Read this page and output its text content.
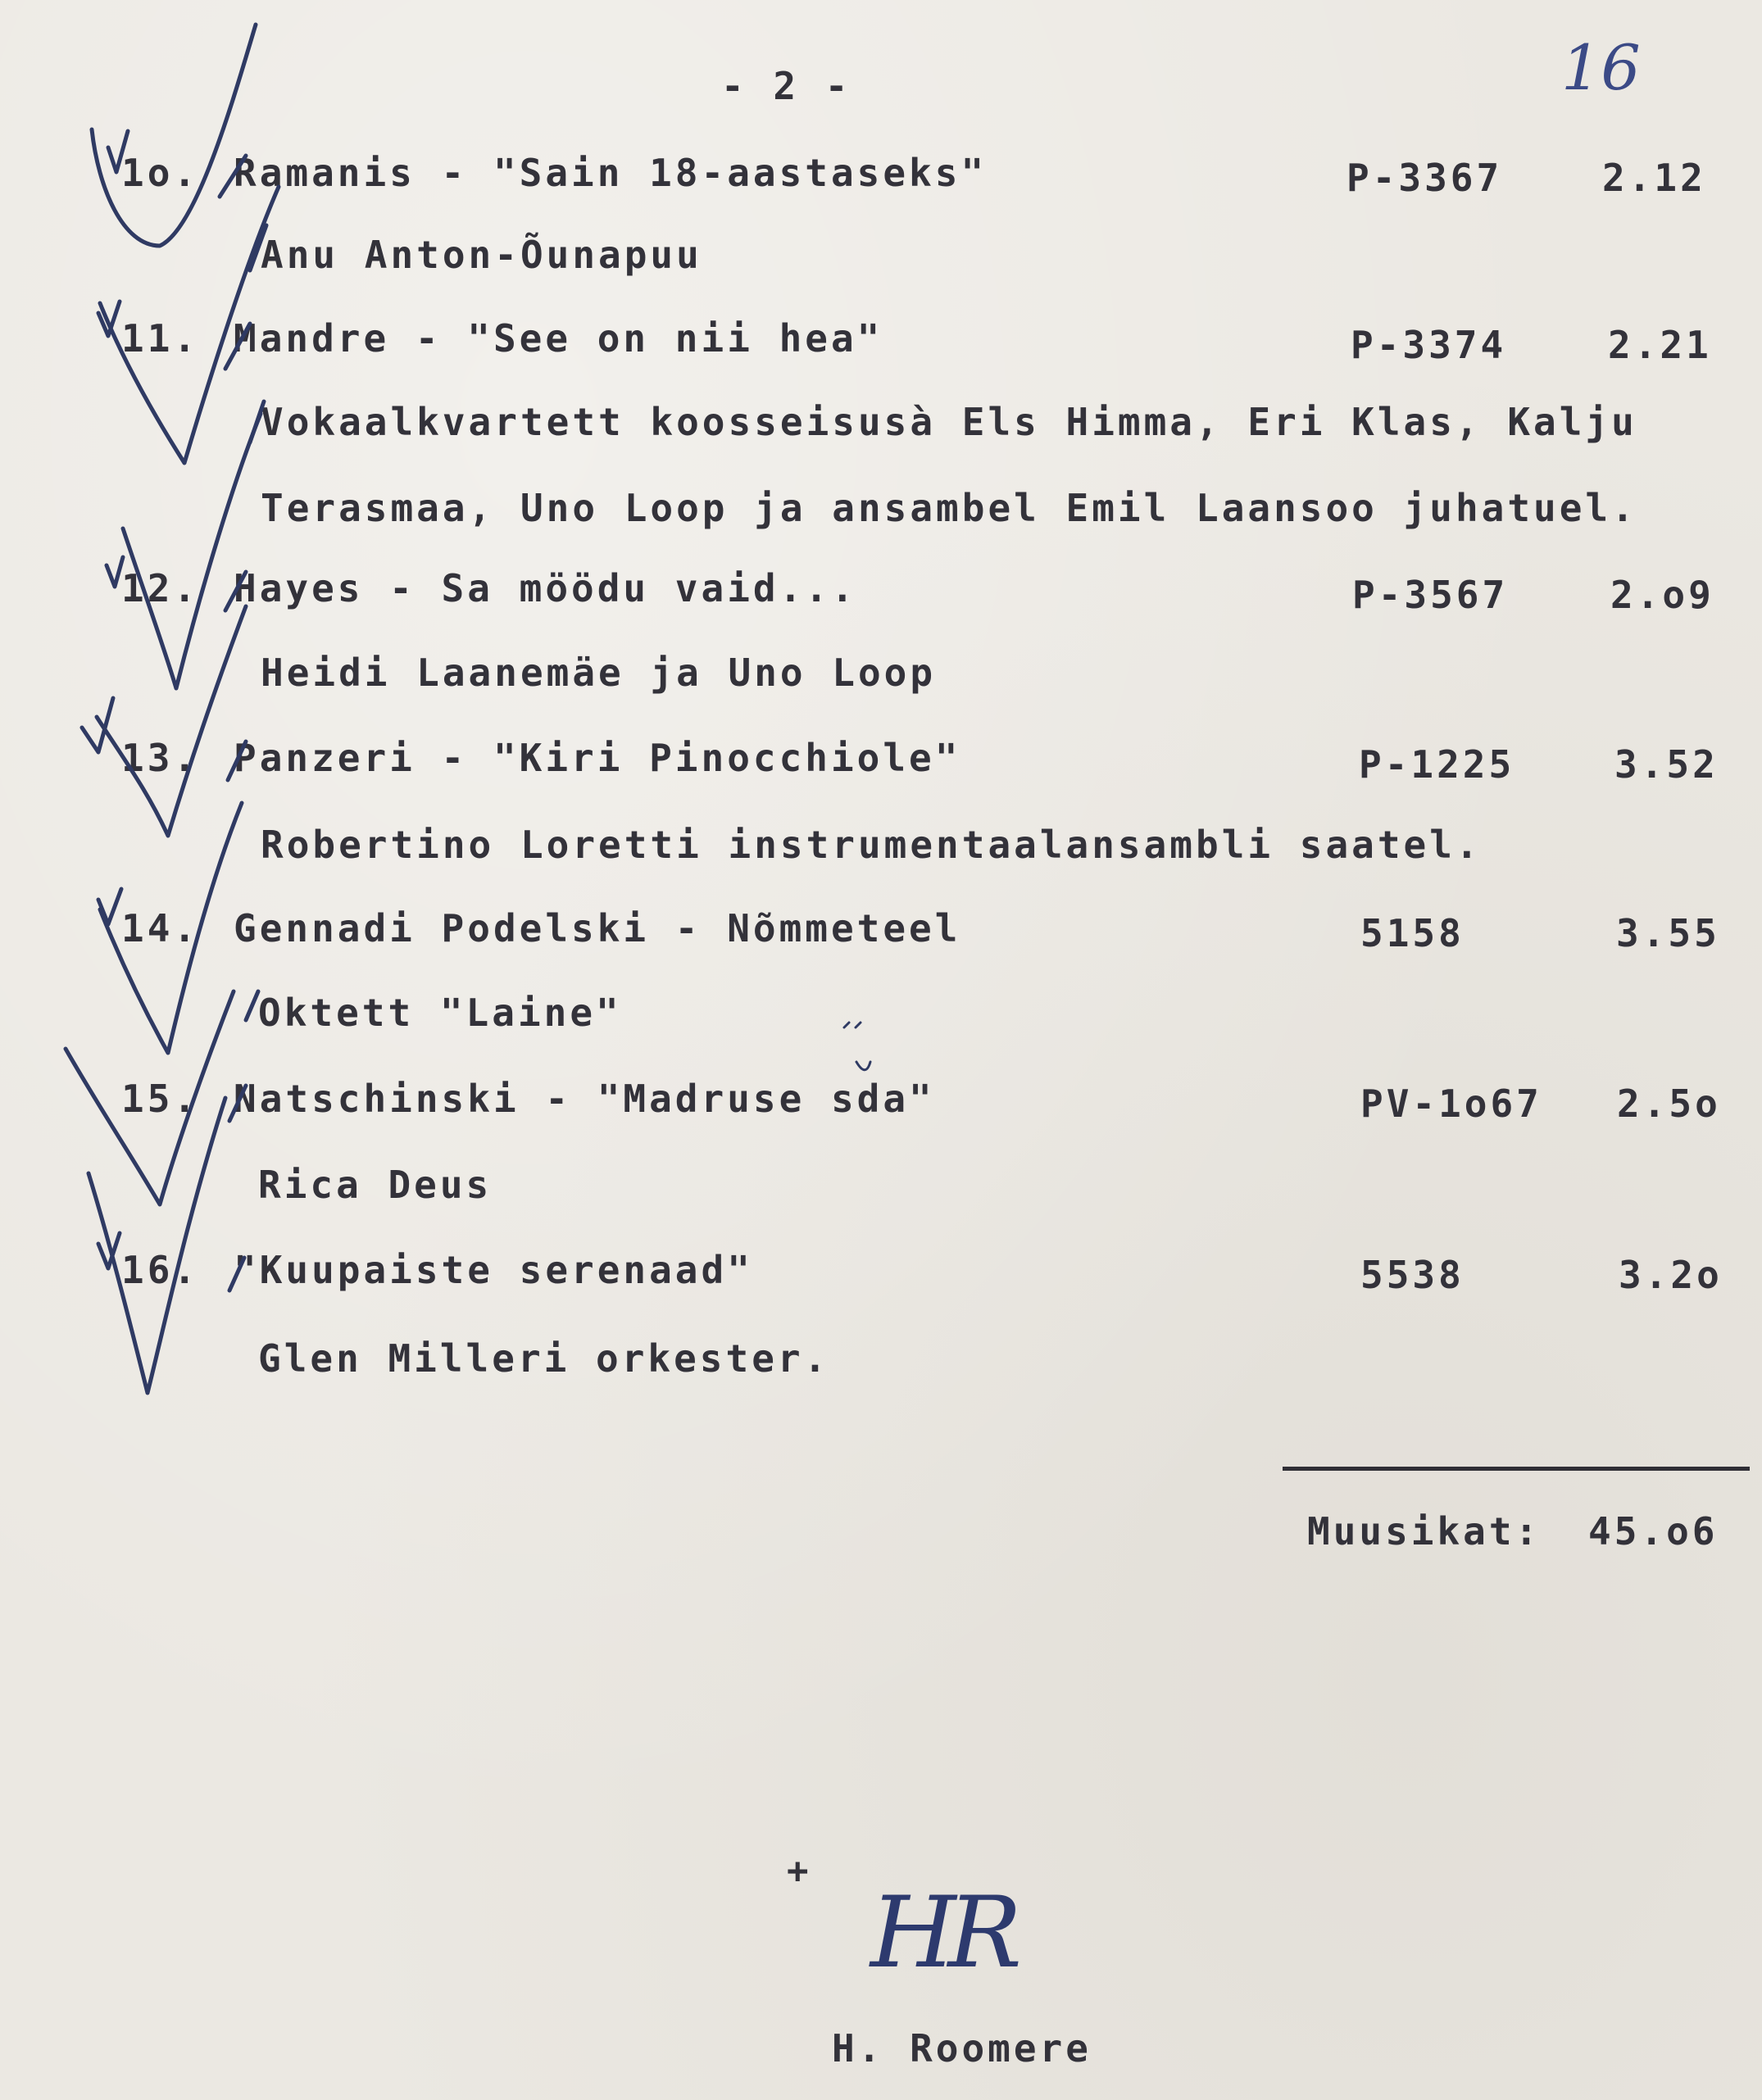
- 2 -	16
1o. Ramanis - "Sain 18-aastaseks"	P-3367	2.12
Anu Anton-Õunapuu
11. Mandre - "See on nii hea"	P-3374	2.21
Vokaalkvartett koosseisusà Els Himma, Eri Klas, Kalju
Terasmaa, Uno Loop ja ansambel Emil Laansoo juhatuel.
12. Hayes - Sa möödu vaid...	P-3567	2.o9
Heidi Laanemäe ja Uno Loop
13. Panzeri - "Kiri Pinocchiole"	P-1225	3.52
Robertino Loretti instrumentaalansambli saatel.
14. Gennadi Podelski - Nõmmeteel	5158	3.55
Oktett "Laine"
15. Natschinski - "Madruse sda"	PV-1o67 2.5o
Rica Deus
16. "Kuupaiste serenaad"	5538	3.2o
Glen Milleri orkester.
Muusikat: 45.o6
+
HR
H. Roomere
